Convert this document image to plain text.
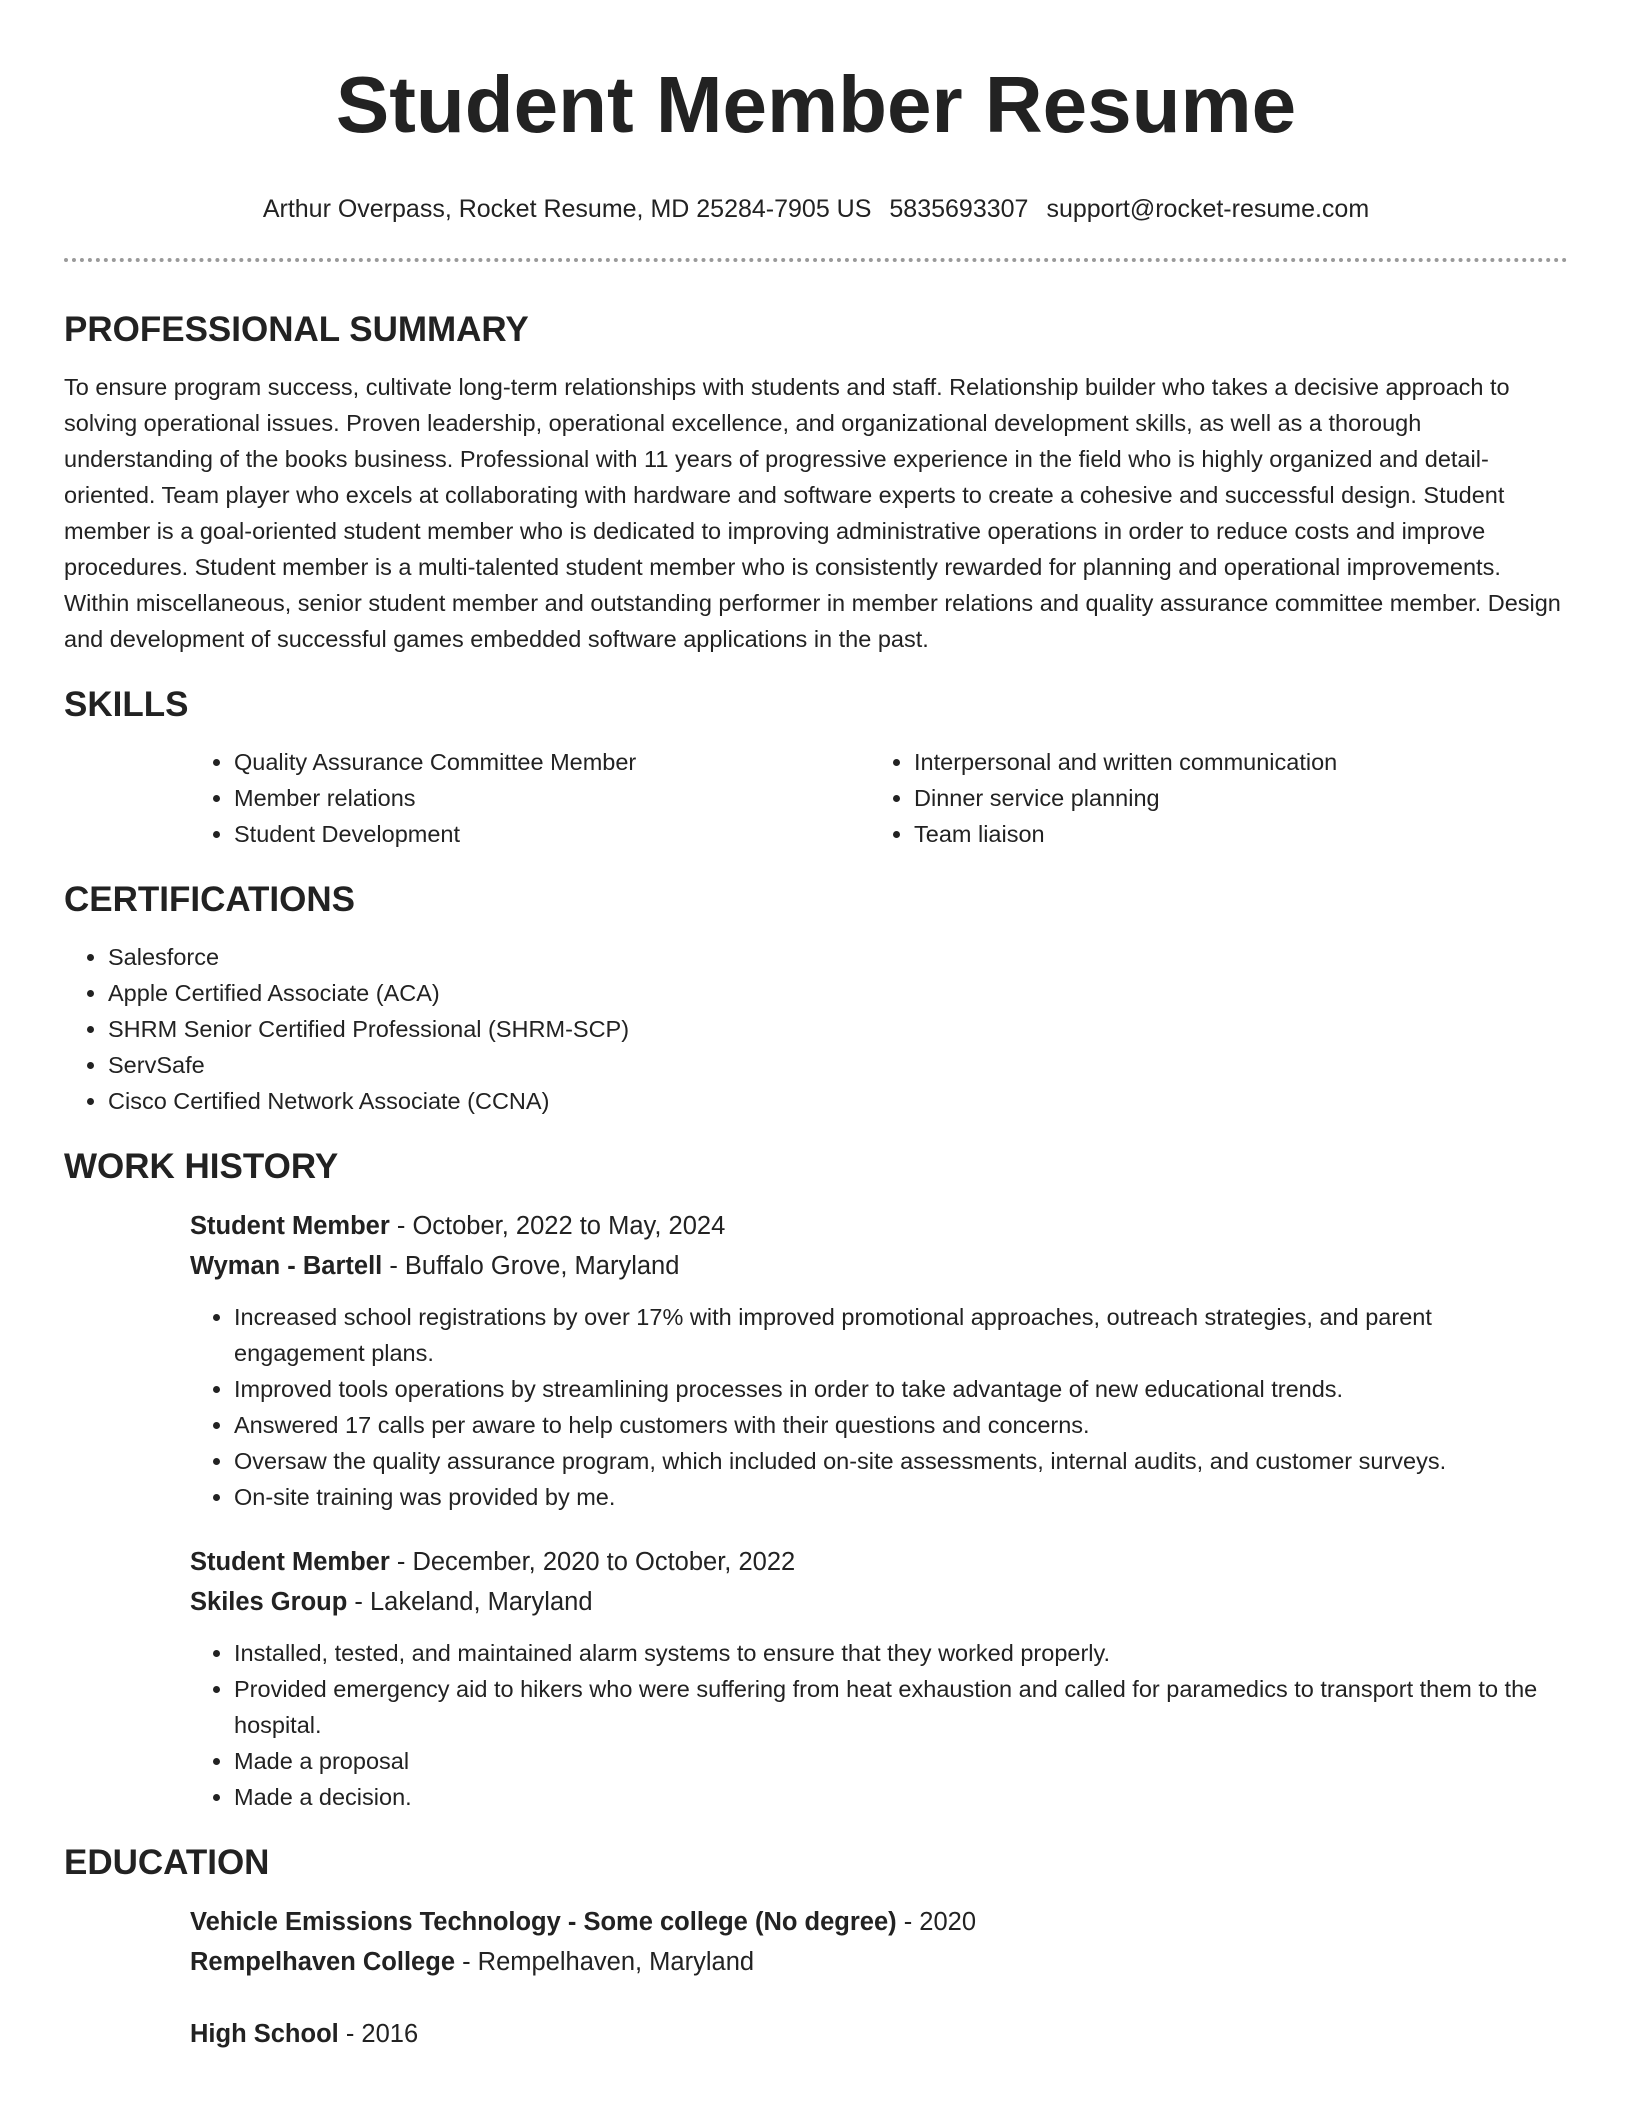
Student Member Resume
Arthur Overpass, Rocket Resume, MD 25284-7905 US 5835693307 support@rocket-resume.com
PROFESSIONAL SUMMARY

To ensure program success, cultivate long-term relationships with students and staff. Relationship builder who takes a decisive approach to solving operational issues. Proven leadership, operational excellence, and organizational development skills, as well as a thorough understanding of the books business. Professional with 11 years of progressive experience in the field who is highly organized and detail-oriented. Team player who excels at collaborating with hardware and software experts to create a cohesive and successful design. Student member is a goal-oriented student member who is dedicated to improving administrative operations in order to reduce costs and improve procedures. Student member is a multi-talented student member who is consistently rewarded for planning and operational improvements. Within miscellaneous, senior student member and outstanding performer in member relations and quality assurance committee member. Design and development of successful games embedded software applications in the past.

SKILLS
• Quality Assurance Committee Member
• Member relations
• Student Development
• Interpersonal and written communication
• Dinner service planning
• Team liaison
CERTIFICATIONS
• Salesforce
• Apple Certified Associate (ACA)
• SHRM Senior Certified Professional (SHRM-SCP)
• ServSafe
• Cisco Certified Network Associate (CCNA)
WORK HISTORY
Student Member - October, 2022 to May, 2024
Wyman - Bartell - Buffalo Grove, Maryland
• Increased school registrations by over 17% with improved promotional approaches, outreach strategies, and parent engagement plans.
• Improved tools operations by streamlining processes in order to take advantage of new educational trends.
• Answered 17 calls per aware to help customers with their questions and concerns.
• Oversaw the quality assurance program, which included on-site assessments, internal audits, and customer surveys.
• On-site training was provided by me.
Student Member - December, 2020 to October, 2022
Skiles Group - Lakeland, Maryland
• Installed, tested, and maintained alarm systems to ensure that they worked properly.
• Provided emergency aid to hikers who were suffering from heat exhaustion and called for paramedics to transport them to the hospital.
• Made a proposal
• Made a decision.
EDUCATION
Vehicle Emissions Technology - Some college (No degree) - 2020
Rempelhaven College - Rempelhaven, Maryland
High School - 2016
